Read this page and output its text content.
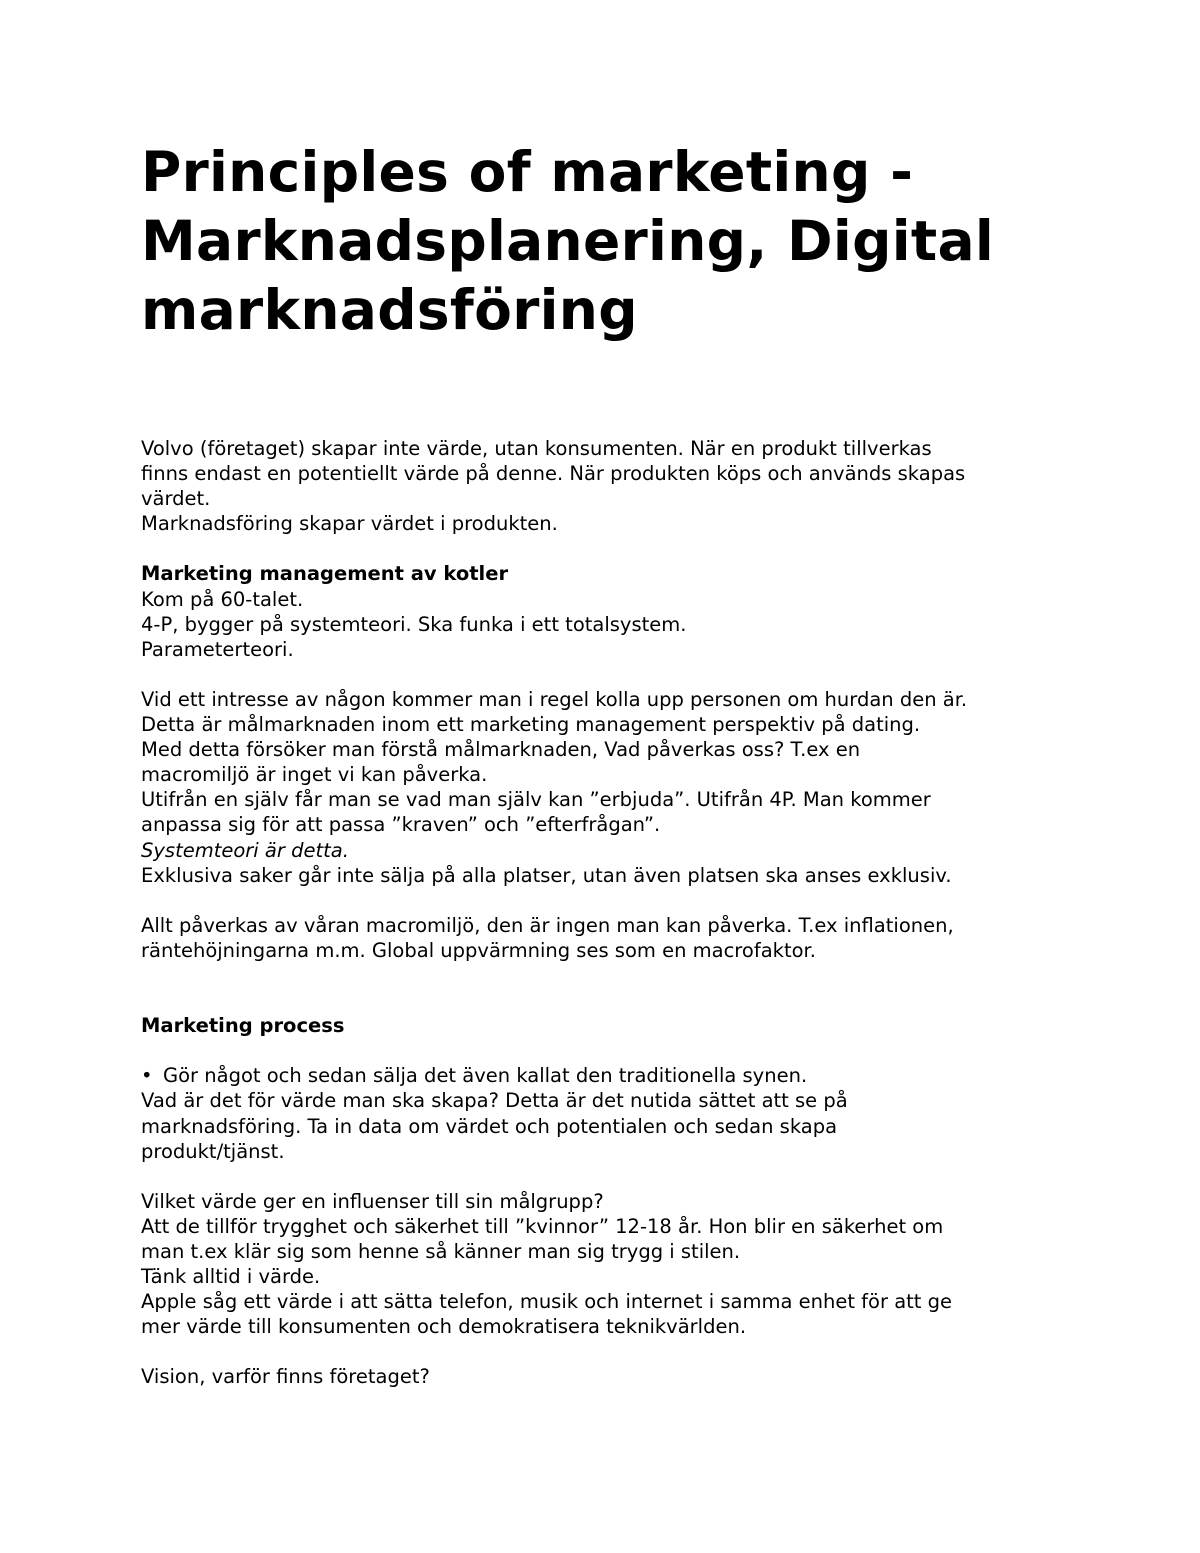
Principles of marketing -
Marknadsplanering, Digital
marknadsföring
Volvo (företaget) skapar inte värde, utan konsumenten. När en produkt tillverkas
finns endast en potentiellt värde på denne. När produkten köps och används skapas
värdet.
Marknadsföring skapar värdet i produkten.
Marketing management av kotler
Kom på 60-talet.
4-P, bygger på systemteori. Ska funka i ett totalsystem.
Parameterteori.
Vid ett intresse av någon kommer man i regel kolla upp personen om hurdan den är.
Detta är målmarknaden inom ett marketing management perspektiv på dating.
Med detta försöker man förstå målmarknaden, Vad påverkas oss? T.ex en
macromiljö är inget vi kan påverka.
Utifrån en själv får man se vad man själv kan ”erbjuda”. Utifrån 4P. Man kommer
anpassa sig för att passa ”kraven” och ”efterfrågan”.
Systemteori är detta.
Exklusiva saker går inte sälja på alla platser, utan även platsen ska anses exklusiv.
Allt påverkas av våran macromiljö, den är ingen man kan påverka. T.ex inflationen,
räntehöjningarna m.m. Global uppvärmning ses som en macrofaktor.
Marketing process
• Gör något och sedan sälja det även kallat den traditionella synen.
Vad är det för värde man ska skapa? Detta är det nutida sättet att se på
marknadsföring. Ta in data om värdet och potentialen och sedan skapa
produkt/tjänst.
Vilket värde ger en influenser till sin målgrupp?
Att de tillför trygghet och säkerhet till ”kvinnor” 12-18 år. Hon blir en säkerhet om
man t.ex klär sig som henne så känner man sig trygg i stilen.
Tänk alltid i värde.
Apple såg ett värde i att sätta telefon, musik och internet i samma enhet för att ge
mer värde till konsumenten och demokratisera teknikvärlden.
Vision, varför finns företaget?
